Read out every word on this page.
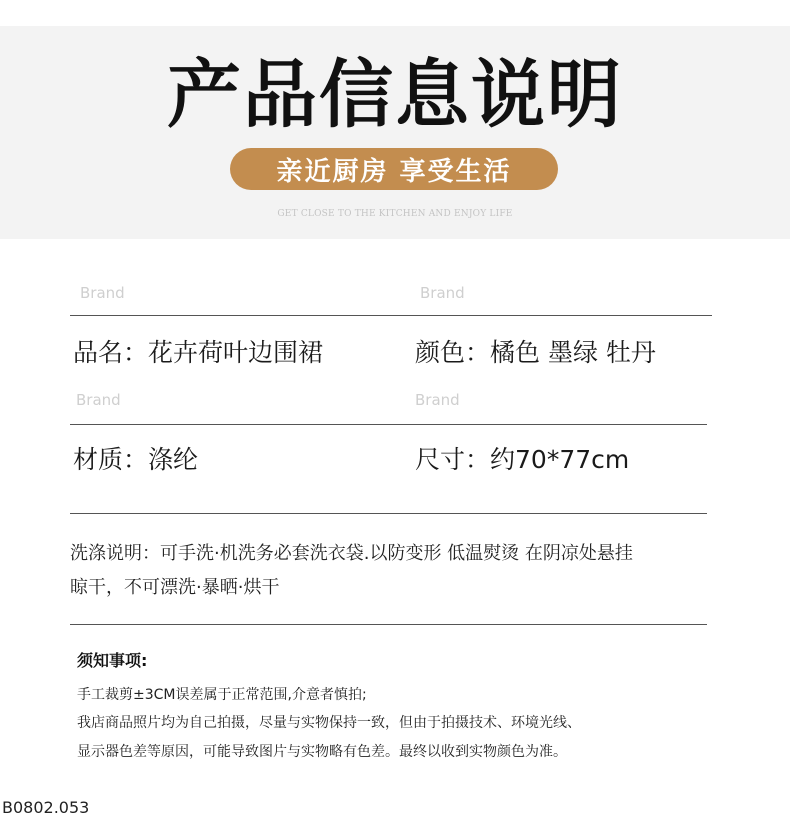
产品信息说明
亲近厨房 享受生活
GET CLOSE TO THE KITCHEN AND ENJOY LIFE
Brand	Brand
品名：花卉荷叶边围裙	颜色：橘色 墨绿 牡丹
Brand	Brand
材质：涤纶	尺寸：约70*77cm
洗涤说明：可手洗·机洗务必套洗衣袋.以防变形 低温熨烫 在阴凉处悬挂
晾干，不可漂洗·暴晒·烘干
须知事项:
手工裁剪±3CM误差属于正常范围,介意者慎拍;
我店商品照片均为自己拍摄，尽量与实物保持一致，但由于拍摄技术、环境光线、
显示器色差等原因，可能导致图片与实物略有色差。最终以收到实物颜色为准。
B0802.053
